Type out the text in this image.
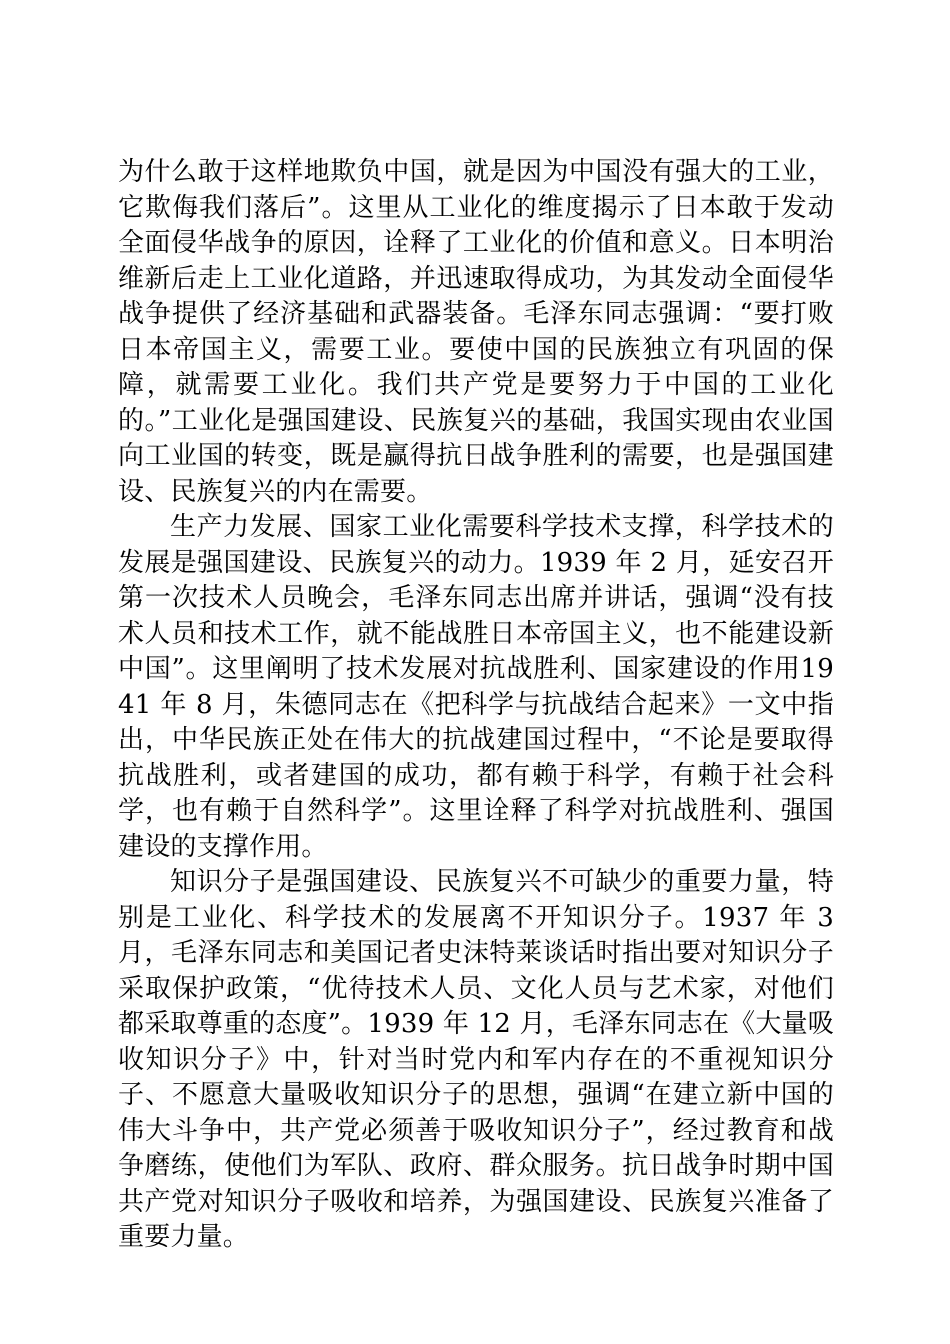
为什么敢于这样地欺负中国，就是因为中国没有强大的工业，它欺侮我们落后”。这里从工业化的维度揭示了日本敢于发动全面侵华战争的原因，诠释了工业化的价值和意义。日本明治维新后走上工业化道路，并迅速取得成功，为其发动全面侵华战争提供了经济基础和武器装备。毛泽东同志强调：“要打败日本帝国主义，需要工业。要使中国的民族独立有巩固的保障，就需要工业化。我们共产党是要努力于中国的工业化的。”工业化是强国建设、民族复兴的基础，我国实现由农业国向工业国的转变，既是赢得抗日战争胜利的需要，也是强国建设、民族复兴的内在需要。

生产力发展、国家工业化需要科学技术支撑，科学技术的发展是强国建设、民族复兴的动力。1939 年 2 月，延安召开第一次技术人员晚会，毛泽东同志出席并讲话，强调“没有技术人员和技术工作，就不能战胜日本帝国主义，也不能建设新中国”。这里阐明了技术发展对抗战胜利、国家建设的作用1941 年 8 月，朱德同志在《把科学与抗战结合起来》一文中指出，中华民族正处在伟大的抗战建国过程中，“不论是要取得抗战胜利，或者建国的成功，都有赖于科学，有赖于社会科学，也有赖于自然科学”。这里诠释了科学对抗战胜利、强国建设的支撑作用。

知识分子是强国建设、民族复兴不可缺少的重要力量，特别是工业化、科学技术的发展离不开知识分子。1937 年 3 月，毛泽东同志和美国记者史沫特莱谈话时指出要对知识分子采取保护政策，“优待技术人员、文化人员与艺术家，对他们都采取尊重的态度”。1939 年 12 月，毛泽东同志在《大量吸收知识分子》中，针对当时党内和军内存在的不重视知识分子、不愿意大量吸收知识分子的思想，强调“在建立新中国的伟大斗争中，共产党必须善于吸收知识分子”，经过教育和战争磨练，使他们为军队、政府、群众服务。抗日战争时期中国共产党对知识分子吸收和培养，为强国建设、民族复兴准备了重要力量。
